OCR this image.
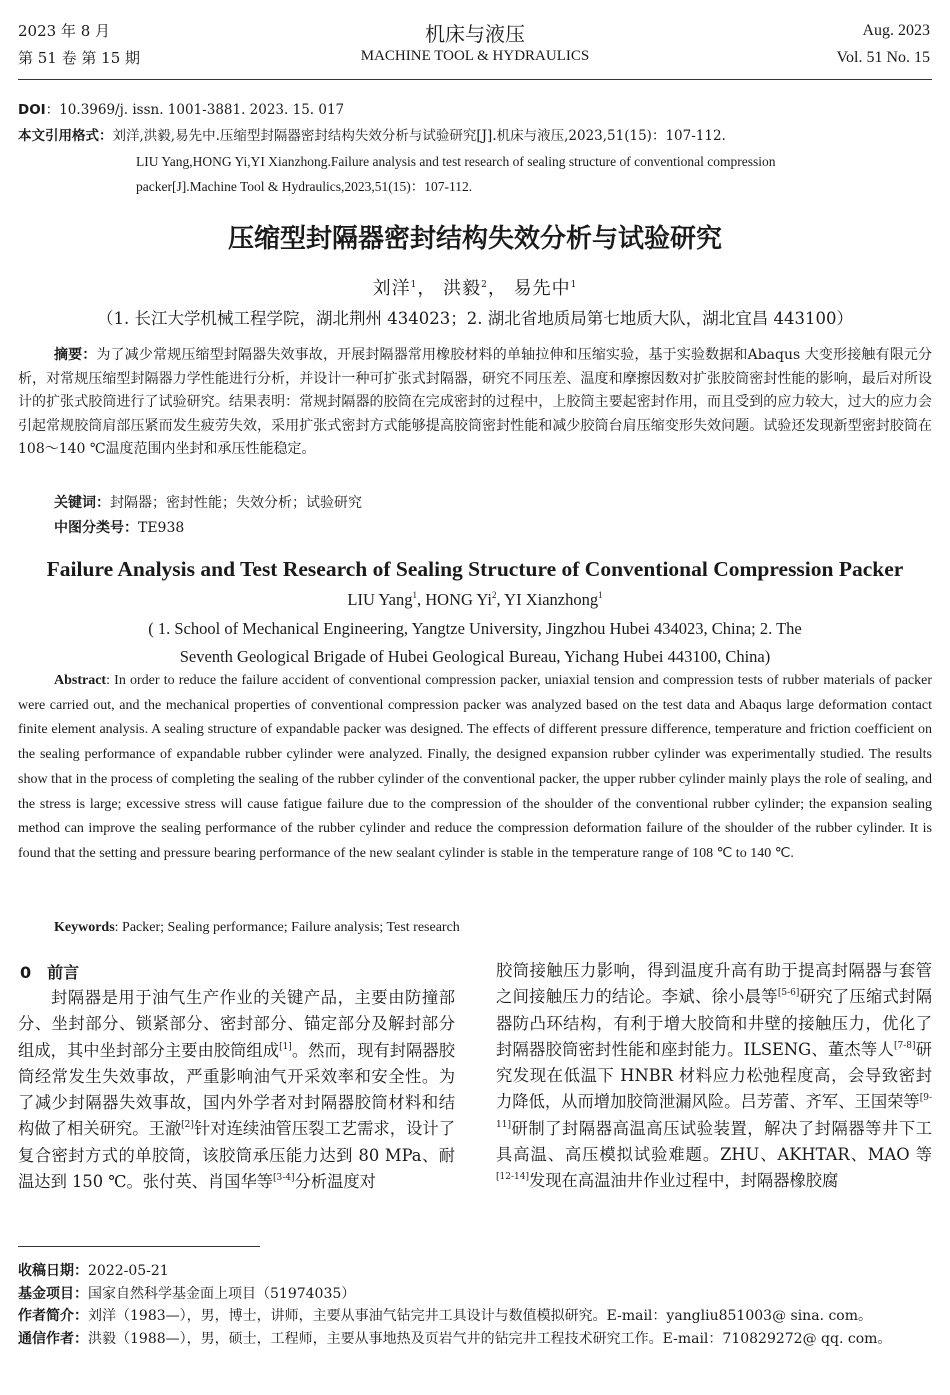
2023 年 8 月
第 51 卷 第 15 期
机床与液压
MACHINE TOOL & HYDRAULICS
Aug. 2023
Vol. 51 No. 15
DOI：10.3969/j. issn. 1001-3881. 2023. 15. 017
本文引用格式：刘洋,洪毅,易先中.压缩型封隔器密封结构失效分析与试验研究[J].机床与液压,2023,51(15)：107-112.
LIU Yang,HONG Yi,YI Xianzhong.Failure analysis and test research of sealing structure of conventional compression
packer[J].Machine Tool & Hydraulics,2023,51(15)：107-112.
压缩型封隔器密封结构失效分析与试验研究
刘洋$^1$， 洪毅$^2$， 易先中$^1$
（1. 长江大学机械工程学院，湖北荆州 434023；2. 湖北省地质局第七地质大队，湖北宜昌 443100）
摘要：为了减少常规压缩型封隔器失效事故，开展封隔器常用橡胶材料的单轴拉伸和压缩实验，基于实验数据和Abaqus 大变形接触有限元分析，对常规压缩型封隔器力学性能进行分析，并设计一种可扩张式封隔器，研究不同压差、温度和摩擦因数对扩张胶筒密封性能的影响，最后对所设计的扩张式胶筒进行了试验研究。结果表明：常规封隔器的胶筒在完成密封的过程中，上胶筒主要起密封作用，而且受到的应力较大，过大的应力会引起常规胶筒肩部压紧而发生疲劳失效，采用扩张式密封方式能够提高胶筒密封性能和减少胶筒台肩压缩变形失效问题。试验还发现新型密封胶筒在 108～140 ℃温度范围内坐封和承压性能稳定。
关键词：封隔器；密封性能；失效分析；试验研究
中图分类号：TE938
Failure Analysis and Test Research of Sealing Structure of Conventional Compression Packer
LIU Yang$^1$, HONG Yi$^2$, YI Xianzhong$^1$
( 1. School of Mechanical Engineering, Yangtze University, Jingzhou Hubei 434023, China; 2. The
Seventh Geological Brigade of Hubei Geological Bureau, Yichang Hubei 443100, China)
Abstract: In order to reduce the failure accident of conventional compression packer, uniaxial tension and compression tests of rubber materials of packer were carried out, and the mechanical properties of conventional compression packer was analyzed based on the test data and Abaqus large deformation contact finite element analysis. A sealing structure of expandable packer was designed. The effects of different pressure difference, temperature and friction coefficient on the sealing performance of expandable rubber cylinder were analyzed. Finally, the designed expansion rubber cylinder was experimentally studied. The results show that in the process of completing the sealing of the rubber cylinder of the conventional packer, the upper rubber cylinder mainly plays the role of sealing, and the stress is large; excessive stress will cause fatigue failure due to the compression of the shoulder of the conventional rubber cylinder; the expansion sealing method can improve the sealing performance of the rubber cylinder and reduce the compression deformation failure of the shoulder of the rubber cylinder. It is found that the setting and pressure bearing performance of the new sealant cylinder is stable in the temperature range of 108 ℃ to 140 ℃.
Keywords: Packer; Sealing performance; Failure analysis; Test research
0　前言
封隔器是用于油气生产作业的关键产品，主要由防撞部分、坐封部分、锁紧部分、密封部分、锚定部分及解封部分组成，其中坐封部分主要由胶筒组成[1]。然而，现有封隔器胶筒经常发生失效事故，严重影响油气开采效率和安全性。为了减少封隔器失效事故，国内外学者对封隔器胶筒材料和结构做了相关研究。王澈[2]针对连续油管压裂工艺需求，设计了复合密封方式的单胶筒，该胶筒承压能力达到 80 MPa、耐温达到 150 ℃。张付英、肖国华等[3-4]分析温度对
胶筒接触压力影响，得到温度升高有助于提高封隔器与套管之间接触压力的结论。李斌、徐小晨等[5-6]研究了压缩式封隔器防凸环结构，有利于增大胶筒和井壁的接触压力，优化了封隔器胶筒密封性能和座封能力。ILSENG、董杰等人[7-8]研究发现在低温下 HNBR 材料应力松弛程度高，会导致密封力降低，从而增加胶筒泄漏风险。吕芳蕾、齐军、王国荣等[9-11]研制了封隔器高温高压试验装置，解决了封隔器等井下工具高温、高压模拟试验难题。ZHU、AKHTAR、MAO 等[12-14]发现在高温油井作业过程中，封隔器橡胶腐
收稿日期：2022-05-21
基金项目：国家自然科学基金面上项目（51974035）
作者简介：刘洋（1983—），男，博士，讲师，主要从事油气钻完井工具设计与数值模拟研究。E-mail：yangliu851003@ sina. com。
通信作者：洪毅（1988—），男，硕士，工程师，主要从事地热及页岩气井的钻完井工程技术研究工作。E-mail：710829272@ qq. com。
